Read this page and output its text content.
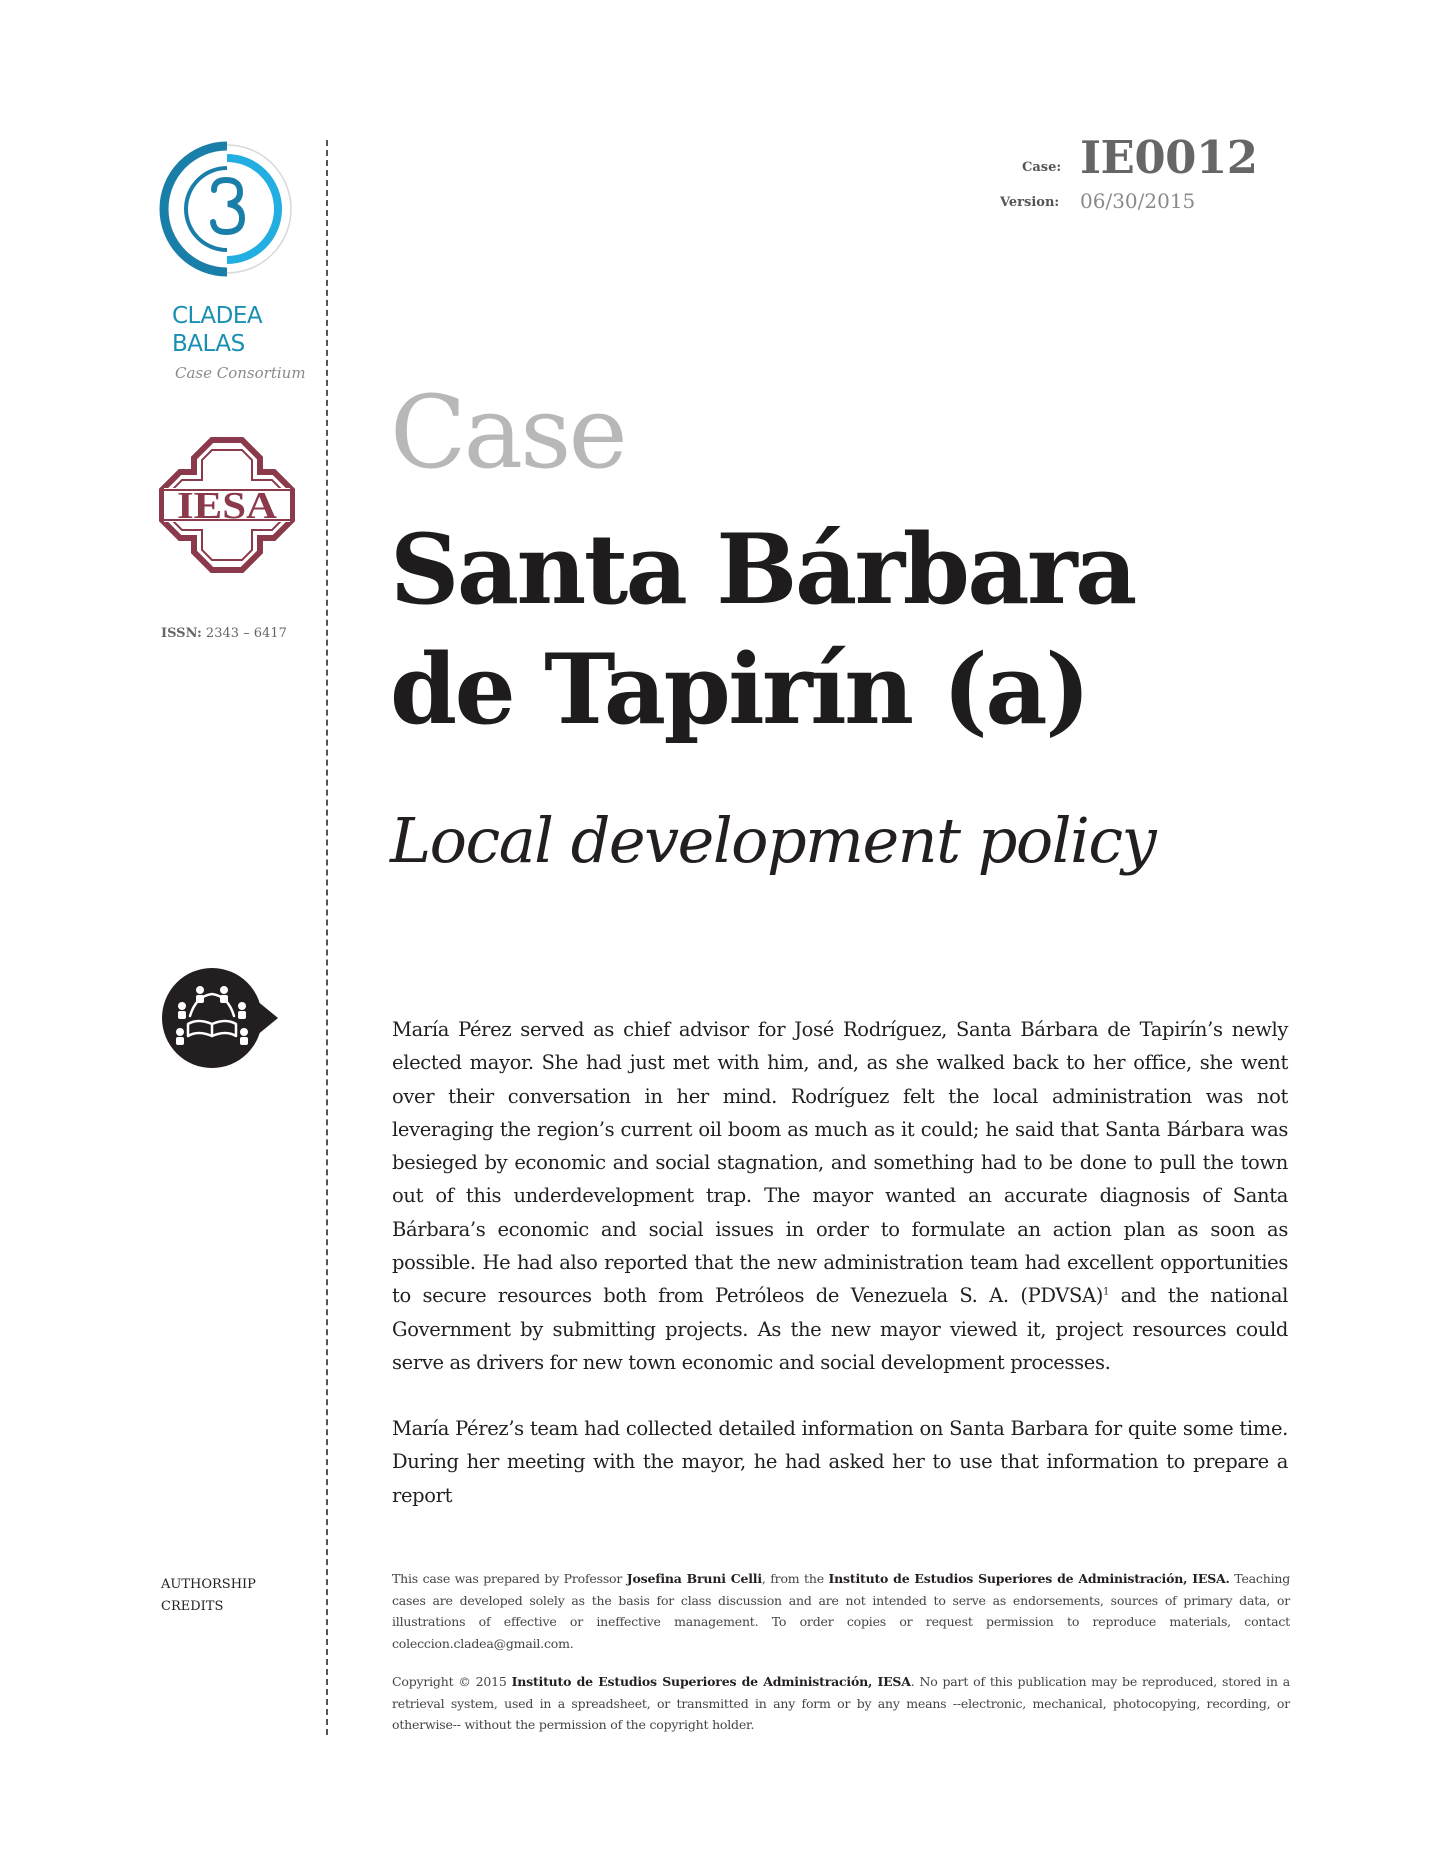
CLADEA
BALAS
Case Consortium
IESA
ISSN: 2343 – 6417
AUTHORSHIP
CREDITS
Case: IE0012
Version: 06/30/2015
Case
Santa Bárbara
de Tapirín (a)
Local development policy

María Pérez served as chief advisor for José Rodríguez, Santa Bárbara de Tapirín’s newly elected mayor. She had just met with him, and, as she walked back to her office, she went over their conversation in her mind. Rodríguez felt the local administration was not leveraging the region’s current oil boom as much as it could; he said that Santa Bárbara was besieged by economic and social stagnation, and something had to be done to pull the town out of this underdevelopment trap. The mayor wanted an accurate diagnosis of Santa Bárbara’s economic and social issues in order to formulate an action plan as soon as possible. He had also reported that the new administration team had excellent opportunities to secure resources both from Petróleos de Venezuela S. A. (PDVSA)$^1$ and the national Government by submitting projects. As the new mayor viewed it, project resources could serve as drivers for new town economic and social development processes.

María Pérez’s team had collected detailed information on Santa Barbara for quite some time. During her meeting with the mayor, he had asked her to use that information to prepare a report

This case was prepared by Professor Josefina Bruni Celli, from the Instituto de Estudios Superiores de Administración, IESA. Teaching cases are developed solely as the basis for class discussion and are not intended to serve as endorsements, sources of primary data, or illustrations of effective or ineffective management. To order copies or request permission to reproduce materials, contact coleccion.cladea@gmail.com.

Copyright © 2015 Instituto de Estudios Superiores de Administración, IESA. No part of this publication may be reproduced, stored in a retrieval system, used in a spreadsheet, or transmitted in any form or by any means --electronic, mechanical, photocopying, recording, or otherwise-- without the permission of the copyright holder.
